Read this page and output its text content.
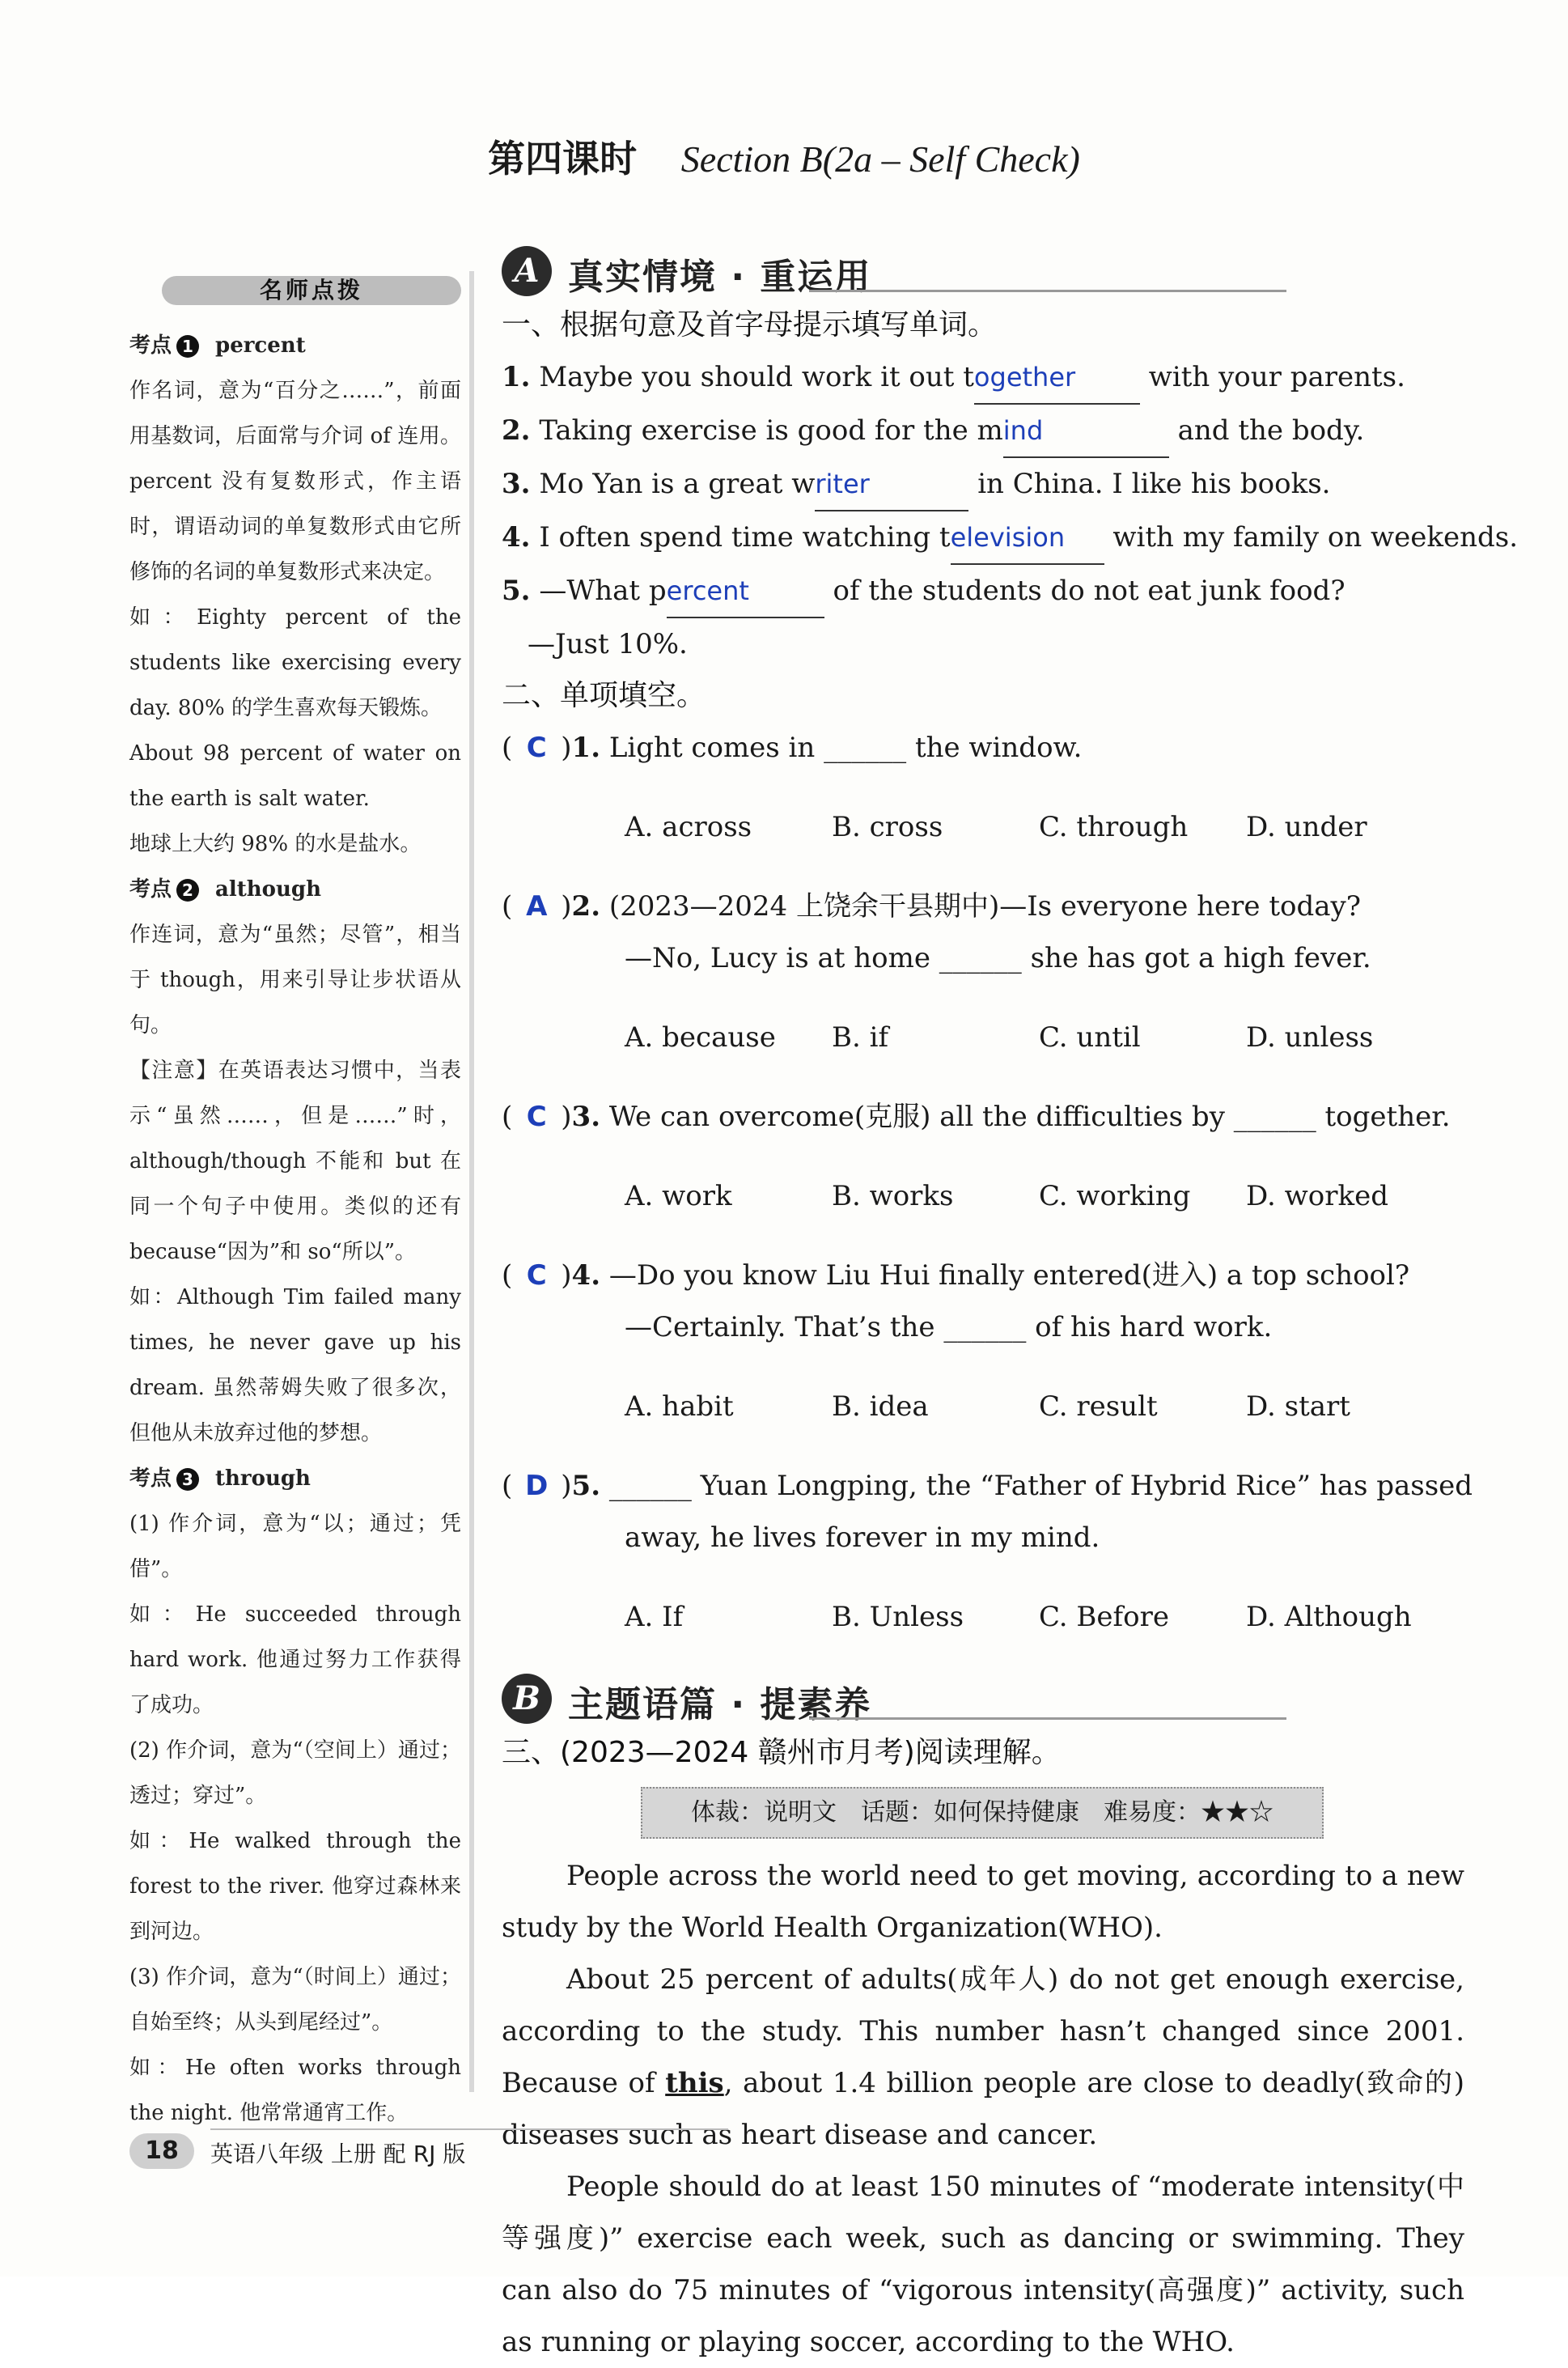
第四课时 Section B(2a – Self Check)
名师点拨

考点 1 percent

作名词，意为“百分之……”，前面用基数词，后面常与介词 of 连用。percent 没有复数形式，作主语时，谓语动词的单复数形式由它所修饰的名词的单复数形式来决定。

如：Eighty percent of the students like exercising every day. 80% 的学生喜欢每天锻炼。

About 98 percent of water on the earth is salt water.

地球上大约 98% 的水是盐水。

考点 2 although

作连词，意为“虽然；尽管”，相当于 though，用来引导让步状语从句。

【注意】在英语表达习惯中，当表示“虽然……，但是……”时，although/though 不能和 but 在同一个句子中使用。类似的还有 because“因为”和 so“所以”。

如：Although Tim failed many times, he never gave up his dream. 虽然蒂姆失败了很多次，但他从未放弃过他的梦想。

考点 3 through

(1) 作介词，意为“以；通过；凭借”。

如：He succeeded through hard work. 他通过努力工作获得了成功。

(2) 作介词，意为“（空间上）通过；透过；穿过”。

如：He walked through the forest to the river. 他穿过森林来到河边。

(3) 作介词，意为“（时间上）通过；自始至终；从头到尾经过”。

如：He often works through the night. 他常常通宵工作。

A 真实情境 · 重运用

一、根据句意及首字母提示填写单词。

1. Maybe you should work it out together	with your parents.

2. Taking exercise is good for the mind	and the body.

3. Mo Yan is a great writer	in China. I like his books.

4. I often spend time watching television with my family on weekends.

5. —What percent	of the students do not eat junk food?

—Just 10%.

二、单项填空。

( C )1. Light comes in ______ the window.

A. across	B. cross	C. through D. under

( A )2. (2023—2024 上饶余干县期中)—Is everyone here today?

—No, Lucy is at home ______ she has got a high fever.

A. because B. if	C. until	D. unless

( C )3. We can overcome(克服) all the difficulties by ______ together.

A. work	B. works	C. working D. worked

( C )4. —Do you know Liu Hui finally entered(进入) a top school?

—Certainly. That’s the ______ of his hard work.

A. habit	B. idea	C. result	D. start

( D )5. ______ Yuan Longping, the “Father of Hybrid Rice” has passed

away, he lives forever in my mind.

A. If	B. Unless	C. Before	D. Although

B 主题语篇 · 提素养

三、(2023—2024 赣州市月考)阅读理解。

体裁：说明文　话题：如何保持健康　难易度：★★☆

People across the world need to get moving, according to a new study by the World Health Organization(WHO).

About 25 percent of adults(成年人) do not get enough exercise, according to the study. This number hasn’t changed since 2001. Because of this, about 1.4 billion people are close to deadly(致命的) diseases such as heart disease and cancer.

People should do at least 150 minutes of “moderate intensity(中等强度)” exercise each week, such as dancing or swimming. They can also do 75 minutes of “vigorous intensity(高强度)” activity, such as running or playing soccer, according to the WHO.

18	英语八年级 上册 配 RJ 版
